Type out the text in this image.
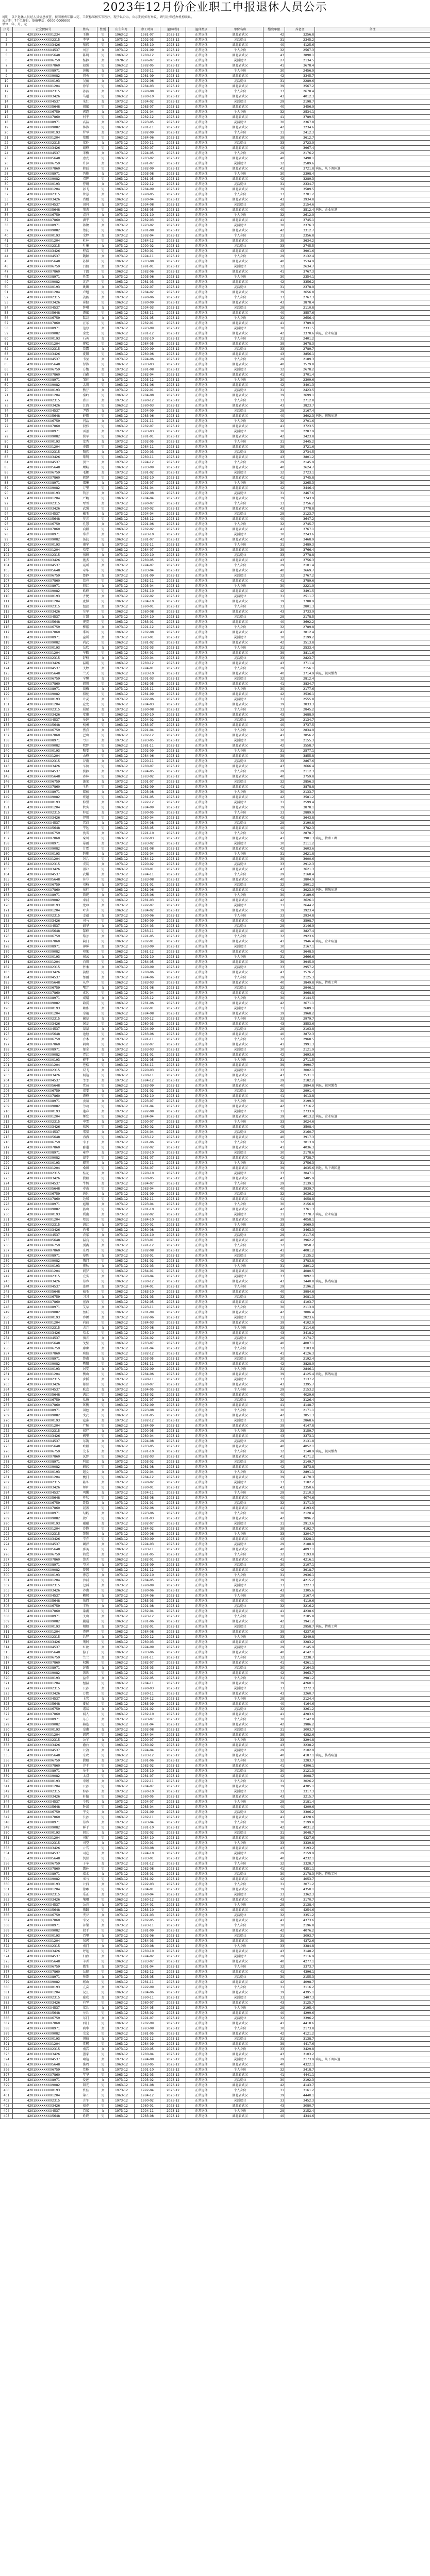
2023年12月份企业职工申报退休人员公示
说明：以下退休人员经人员信息核查、视同缴费年限认定、工资标准核实等程序，现予以公示。公示期间如有异议，请与社保经办机构联系。
公示期：7个工作日。举报电话：0000-0000000
单位：年、月、元
序号	社会保障号	姓名	性别	出生年月	参工时间	退休时间	退休类别	单位名称	缴费年限	养老金	备注
1	4201XXXXXXXX1234	王俊	男	1963-12	1981-07	2023-12	正常退休	湖北省武汉	42	3256.8	
2	4201XXXXXXXX2315	李华	女	1973-12	1992-03	2023-12	正常退休	灵活就业	31	2345.2	
3	4201XXXXXXXX3426	张伟	男	1963-12	1983-10	2023-12	正常退休	湖北省武汉	40	4125.6	
4	4201XXXXXXXX4537	刘芳	女	1973-12	1991-09	2023-12	正常退休	个人身份	32	2567.3	
5	4201XXXXXXXX5648	陈明	男	1963-12	1980-12	2023-12	正常退休	湖北省武汉	43	3890.1	
6	4201XXXXXXXX6759	杨静	女	1978-12	1996-07	2023-12	正常退休	灵活就业	27	2134.5	
7	4201XXXXXXXX7860	赵强	男	1963-12	1982-05	2023-12	正常退休	湖北省武汉	41	3678.4	
8	4201XXXXXXXX8971	黄敏	女	1973-12	1993-11	2023-12	正常退休	个人身份	30	2456.9	
9	4201XXXXXXXX9082	周勇	男	1963-12	1981-09	2023-12	正常退休	湖北省武汉	42	3345.7	
10	4201XXXXXXXX0193	吴丽	女	1973-12	1992-06	2023-12	正常退休	灵活就业	31	2289.6	
11	4201XXXXXXXX1204	徐军	男	1963-12	1984-03	2023-12	正常退休	湖北省武汉	39	3567.2	
12	4201XXXXXXXX2315	孙燕	女	1973-12	1990-08	2023-12	正常退休	个人身份	33	2678.4	
13	4201XXXXXXXX3426	马超	男	1963-12	1980-10	2023-12	正常退休	湖北省武汉	43	4012.3	
14	4201XXXXXXXX4537	朱红	女	1973-12	1994-02	2023-12	正常退休	灵活就业	29	2198.7	
15	4201XXXXXXXX5648	胡斌	男	1963-12	1983-07	2023-12	正常退休	湖北省武汉	40	3456.9	
16	4201XXXXXXXX6759	郭霞	女	1973-12	1991-04	2023-12	正常退休	个人身份	32	2534.1	
17	4201XXXXXXXX7860	何平	男	1963-12	1982-12	2023-12	正常退休	湖北省武汉	41	3789.5	
18	4201XXXXXXXX8971	高洁	女	1973-12	1993-05	2023-12	正常退休	灵活就业	30	2367.8	
19	4201XXXXXXXX9082	林涛	男	1963-12	1981-11	2023-12	正常退休	湖北省武汉	42	3234.6	
20	4201XXXXXXXX0193	罗琴	女	1973-12	1992-09	2023-12	正常退休	个人身份	31	2412.3	
21	4201XXXXXXXX1204	郑刚	男	1963-12	1984-06	2023-12	正常退休	湖北省武汉	39	3612.7	
22	4201XXXXXXXX2315	梁玲	女	1973-12	1990-11	2023-12	正常退休	灵活就业	33	2723.9	
23	4201XXXXXXXX3426	谢峰	男	1963-12	1980-07	2023-12	正常退休	湖北省武汉	43	3967.4	
24	4201XXXXXXXX4537	宋梅	女	1973-12	1994-05	2023-12	正常退休	个人身份	29	2176.2	
25	4201XXXXXXXX5648	唐亮	男	1963-12	1983-02	2023-12	正常退休	湖北省武汉	40	3498.1	
26	4201XXXXXXXX6759	许萍	女	1973-12	1991-07	2023-12	正常退休	灵活就业	32	2589.6	
27	4201XXXXXXXX7860	韩磊	男	1963-12	1982-09	2023-12	正常退休	湖北省武汉	41	3721.8	病退、从下调国退
28	4201XXXXXXXX8971	冯艳	女	1973-12	1993-08	2023-12	正常退休	个人身份	30	2398.4	
29	4201XXXXXXXX9082	邓辉	男	1963-12	1981-05	2023-12	正常退休	湖北省武汉	42	3289.3	
30	4201XXXXXXXX0193	曹娟	女	1973-12	1992-12	2023-12	正常退休	灵活就业	31	2334.7	
31	4201XXXXXXXX1204	彭飞	男	1963-12	1984-09	2023-12	正常退休	湖北省武汉	39	3589.5	
32	4201XXXXXXXX2315	曾慧	女	1973-12	1990-05	2023-12	正常退休	个人身份	33	2701.2	
33	4201XXXXXXXX3426	肖鹏	男	1963-12	1980-04	2023-12	正常退休	湖北省武汉	43	3934.8	
34	4201XXXXXXXX4537	田莉	女	1973-12	1994-08	2023-12	正常退休	灵活就业	29	2154.6	
35	4201XXXXXXXX5648	董杰	男	1963-12	1983-05	2023-12	正常退休	湖北省武汉	40	3512.4	病退、企业病退
36	4201XXXXXXXX6759	袁丹	女	1973-12	1991-10	2023-12	正常退休	个人身份	32	2612.9	
37	4201XXXXXXXX7860	潘宇	男	1963-12	1982-03	2023-12	正常退休	湖北省武汉	41	3745.1	
38	4201XXXXXXXX8971	蒋敏	女	1973-12	1993-02	2023-12	正常退休	灵活就业	30	2376.3	
39	4201XXXXXXXX9082	蔡波	男	1963-12	1981-08	2023-12	正常退休	湖北省武汉	42	3312.7	
40	4201XXXXXXXX0193	余婷	女	1973-12	1992-04	2023-12	正常退休	个人身份	31	2356.8	
41	4201XXXXXXXX1204	杜林	男	1963-12	1984-12	2023-12	正常退休	湖北省武汉	39	3634.2	
42	4201XXXXXXXX2315	叶琳	女	1973-12	1990-02	2023-12	正常退休	灵活就业	33	2745.5	
43	4201XXXXXXXX3426	程浩	男	1963-12	1980-01	2023-12	正常退休	湖北省武汉	43	3901.6	
44	4201XXXXXXXX4537	魏颖	女	1973-12	1994-11	2023-12	正常退休	个人身份	29	2132.4	
45	4201XXXXXXXX5648	苏博	男	1963-12	1983-08	2023-12	正常退休	湖北省武汉	40	3534.9	
46	4201XXXXXXXX6759	吕倩	女	1973-12	1991-01	2023-12	正常退休	灵活就业	32	2634.7	
47	4201XXXXXXXX7860	丁凯	男	1963-12	1982-06	2023-12	正常退休	湖北省武汉	41	3767.3	
48	4201XXXXXXXX8971	任雪	女	1973-12	1993-06	2023-12	正常退休	个人身份	30	2354.1	
49	4201XXXXXXXX9082	沈洋	男	1963-12	1981-03	2023-12	正常退休	湖北省武汉	42	3356.2	
50	4201XXXXXXXX0193	姚璐	女	1973-12	1992-07	2023-12	正常退休	灵活就业	31	2378.9	
51	4201XXXXXXXX1204	卢旭	男	1963-12	1984-02	2023-12	正常退休	湖北省武汉	39	3656.8	
52	4201XXXXXXXX2315	姜薇	女	1973-12	1990-06	2023-12	正常退休	个人身份	33	2767.3	
53	4201XXXXXXXX3426	崔健	男	1963-12	1980-09	2023-12	正常退休	湖北省武汉	43	3878.4	
54	4201XXXXXXXX4537	钟琪	女	1973-12	1994-03	2023-12	正常退休	灵活就业	29	2110.8	
55	4201XXXXXXXX5648	谭斌	男	1963-12	1983-11	2023-12	正常退休	湖北省武汉	40	3557.6	
56	4201XXXXXXXX6759	陆芸	女	1973-12	1991-05	2023-12	正常退休	个人身份	32	2656.4	
57	4201XXXXXXXX7860	汪东	男	1963-12	1982-01	2023-12	正常退休	湖北省武汉	41	3789.9	
58	4201XXXXXXXX8971	范蓉	女	1973-12	1993-09	2023-12	正常退休	灵活就业	30	2331.5	
59	4201XXXXXXXX9082	金龙	男	1963-12	1981-12	2023-12	正常退休	湖北省武汉	42	3378.6	病退、企业病退
60	4201XXXXXXXX0193	石英	女	1973-12	1992-10	2023-12	正常退休	个人身份	31	2401.2	
61	4201XXXXXXXX1204	廖松	男	1963-12	1984-05	2023-12	正常退休	湖北省武汉	39	3678.3	
62	4201XXXXXXXX2315	贾露	女	1973-12	1990-09	2023-12	正常退休	灵活就业	33	2789.7	
63	4201XXXXXXXX3426	夏阳	男	1963-12	1980-06	2023-12	正常退休	湖北省武汉	43	3856.1	
64	4201XXXXXXXX4537	韦莹	女	1973-12	1994-06	2023-12	正常退休	个人身份	29	2189.3	
65	4201XXXXXXXX5648	付涛	男	1963-12	1983-03	2023-12	正常退休	湖北省武汉	40	3579.8	
66	4201XXXXXXXX6759	方怡	女	1973-12	1991-08	2023-12	正常退休	灵活就业	32	2678.2	
67	4201XXXXXXXX7860	白鑫	男	1963-12	1982-04	2023-12	正常退休	湖北省武汉	41	3701.4	
68	4201XXXXXXXX8971	邹佳	女	1973-12	1993-12	2023-12	正常退休	个人身份	30	2309.6	
69	4201XXXXXXXX9082	孟川	男	1963-12	1981-06	2023-12	正常退休	湖北省武汉	42	3401.3	
70	4201XXXXXXXX0193	熊芬	女	1973-12	1992-01	2023-12	正常退休	灵活就业	31	2423.5	
71	4201XXXXXXXX1204	秦岭	男	1963-12	1984-08	2023-12	正常退休	湖北省武汉	39	3699.1	
72	4201XXXXXXXX2315	邱月	女	1973-12	1990-12	2023-12	正常退休	个人身份	33	2712.8	
73	4201XXXXXXXX3426	江海	男	1963-12	1980-03	2023-12	正常退休	湖北省武汉	43	3823.7	
74	4201XXXXXXXX4537	尹霞	女	1973-12	1994-09	2023-12	正常退休	灵活就业	29	2167.4	
75	4201XXXXXXXX5648	薛刚	男	1963-12	1983-06	2023-12	正常退休	湖北省武汉	40	3602.3	病退、伤残病退
76	4201XXXXXXXX6759	闫晶	女	1973-12	1991-11	2023-12	正常退休	个人身份	32	2701.6	
77	4201XXXXXXXX7860	段伟	男	1963-12	1982-07	2023-12	正常退休	湖北省武汉	41	3723.5	
78	4201XXXXXXXX8971	雷蕾	女	1973-12	1993-03	2023-12	正常退休	灵活就业	30	2287.9	
79	4201XXXXXXXX9082	侯军	男	1963-12	1981-01	2023-12	正常退休	湖北省武汉	42	3423.8	
80	4201XXXXXXXX0193	龙秀	女	1973-12	1992-05	2023-12	正常退休	个人身份	31	2445.2	
81	4201XXXXXXXX1204	史凯	男	1963-12	1984-11	2023-12	正常退休	湖北省武汉	39	3721.6	
82	4201XXXXXXXX2315	陶然	女	1973-12	1990-03	2023-12	正常退休	灵活就业	33	2734.5	
83	4201XXXXXXXX3426	黎明	男	1963-12	1980-11	2023-12	正常退休	湖北省武汉	43	3801.2	
84	4201XXXXXXXX4537	贺兰	女	1973-12	1994-12	2023-12	正常退休	个人身份	29	2145.9	
85	4201XXXXXXXX5648	顾城	男	1963-12	1983-09	2023-12	正常退休	湖北省武汉	40	3624.7	
86	4201XXXXXXXX6759	毛娜	女	1973-12	1991-02	2023-12	正常退休	灵活就业	32	2723.1	
87	4201XXXXXXXX7860	郝建	男	1963-12	1982-10	2023-12	正常退休	湖北省武汉	41	3745.8	
88	4201XXXXXXXX8971	邵琳	女	1973-12	1993-07	2023-12	正常退休	个人身份	30	2265.3	
89	4201XXXXXXXX9082	万里	男	1963-12	1981-04	2023-12	正常退休	湖北省武汉	42	3446.4	
90	4201XXXXXXXX0193	钱芳	女	1973-12	1992-08	2023-12	正常退休	灵活就业	31	2467.6	
91	4201XXXXXXXX1204	严峻	男	1963-12	1984-04	2023-12	正常退休	湖北省武汉	39	3743.9	
92	4201XXXXXXXX2315	覃雪	女	1973-12	1990-07	2023-12	正常退休	个人身份	33	2756.2	
93	4201XXXXXXXX3426	武强	男	1963-12	1980-02	2023-12	正常退休	湖北省武汉	43	3778.8	
94	4201XXXXXXXX4537	戴玉	女	1973-12	1994-04	2023-12	正常退休	灵活就业	29	2123.7	
95	4201XXXXXXXX5648	莫言	男	1963-12	1983-12	2023-12	正常退休	湖北省武汉	40	3647.2	
96	4201XXXXXXXX6759	孔慧	女	1973-12	1991-06	2023-12	正常退休	个人身份	32	2745.7	
97	4201XXXXXXXX7860	向阳	男	1963-12	1982-02	2023-12	正常退休	湖北省武汉	41	3767.1	
98	4201XXXXXXXX8971	常青	女	1973-12	1993-10	2023-12	正常退休	灵活就业	30	2243.6	
99	4201XXXXXXXX9082	汤波	男	1963-12	1981-07	2023-12	正常退休	湖北省武汉	42	3468.9	
100	4201XXXXXXXX0193	康宁	女	1973-12	1992-11	2023-12	正常退休	个人身份	31	2489.3	
101	4201XXXXXXXX1204	易安	男	1963-12	1984-07	2023-12	正常退休	湖北省武汉	39	3766.4	
102	4201XXXXXXXX2315	伍琼	女	1973-12	1990-10	2023-12	正常退休	灵活就业	33	2778.8	
103	4201XXXXXXXX3426	施杰	男	1963-12	1980-05	2023-12	正常退休	湖北省武汉	43	3756.3	
104	4201XXXXXXXX4537	聂瑶	女	1973-12	1994-07	2023-12	正常退休	个人身份	29	2101.4	
105	4201XXXXXXXX5648	章华	男	1963-12	1983-04	2023-12	正常退休	湖北省武汉	40	3669.7	
106	4201XXXXXXXX6759	鲁静	女	1973-12	1991-09	2023-12	正常退休	灵活就业	32	2767.2	
107	4201XXXXXXXX7860	葛亮	男	1963-12	1982-11	2023-12	正常退休	湖北省武汉	41	3789.6	
108	4201XXXXXXXX8971	殷红	女	1973-12	1993-04	2023-12	正常退休	个人身份	30	2221.9	
109	4201XXXXXXXX9082	欧峰	男	1963-12	1981-10	2023-12	正常退休	湖北省武汉	42	3491.5	
110	4201XXXXXXXX0193	齐悦	女	1973-12	1992-02	2023-12	正常退休	灵活就业	31	2511.7	
111	4201XXXXXXXX1204	庞博	男	1963-12	1984-10	2023-12	正常退休	湖北省武汉	39	3788.9	
112	4201XXXXXXXX2315	包蕊	女	1973-12	1990-01	2023-12	正常退休	个人身份	33	2801.3	
113	4201XXXXXXXX3426	左军	男	1963-12	1980-08	2023-12	正常退休	湖北省武汉	43	3733.9	
114	4201XXXXXXXX4537	甘甜	女	1973-12	1994-10	2023-12	正常退休	灵活就业	29	2178.5	
115	4201XXXXXXXX5648	祝贺	男	1963-12	1983-01	2023-12	正常退休	湖北省武汉	40	3692.2	
116	4201XXXXXXXX6759	柳絮	女	1973-12	1991-12	2023-12	正常退休	个人身份	32	2789.8	
117	4201XXXXXXXX7860	季风	男	1963-12	1982-08	2023-12	正常退休	湖北省武汉	41	3812.4	
118	4201XXXXXXXX8971	童谣	女	1973-12	1993-01	2023-12	正常退休	灵活就业	30	2199.2	
119	4201XXXXXXXX9082	尚武	男	1963-12	1981-02	2023-12	正常退休	湖北省武汉	42	3513.8	
120	4201XXXXXXXX0193	岳欣	女	1973-12	1992-03	2023-12	正常退休	个人身份	31	2533.4	
121	4201XXXXXXXX1204	车辙	男	1963-12	1984-01	2023-12	正常退休	湖北省武汉	39	3811.6	
122	4201XXXXXXXX2315	舒畅	女	1973-12	1990-04	2023-12	正常退休	灵活就业	33	2823.7	
123	4201XXXXXXXX3426	温暖	男	1963-12	1980-12	2023-12	正常退休	湖北省武汉	43	3711.4	
124	4201XXXXXXXX4537	关婷	女	1973-12	1994-01	2023-12	正常退休	个人身份	29	2156.1	
125	4201XXXXXXXX5648	兰天	男	1963-12	1983-10	2023-12	正常退休	湖北省武汉	40	3714.9	病退、视同缴费
126	4201XXXXXXXX6759	宁馨	女	1973-12	1991-03	2023-12	正常退休	灵活就业	32	2812.4	
127	4201XXXXXXXX7860	阎川	男	1963-12	1982-05	2023-12	正常退休	湖北省武汉	41	3834.7	
128	4201XXXXXXXX8971	翁梅	女	1973-12	1993-11	2023-12	正常退休	个人身份	30	2177.6	
129	4201XXXXXXXX9082	骆驼	男	1963-12	1981-09	2023-12	正常退休	湖北省武汉	42	3536.1	
130	4201XXXXXXXX0193	计灵	女	1973-12	1992-06	2023-12	正常退休	灵活就业	31	2555.8	
131	4201XXXXXXXX1204	应龙	男	1963-12	1984-03	2023-12	正常退休	湖北省武汉	39	3833.3	
132	4201XXXXXXXX2315	屈原	女	1973-12	1990-08	2023-12	正常退休	个人身份	33	2845.2	
133	4201XXXXXXXX3426	安康	男	1963-12	1980-10	2023-12	正常退休	湖北省武汉	43	3688.9	
134	4201XXXXXXXX4537	单纯	女	1973-12	1994-02	2023-12	正常退休	灵活就业	29	2134.7	
135	4201XXXXXXXX5648	杭州	男	1963-12	1983-07	2023-12	正常退休	湖北省武汉	40	3737.5	
136	4201XXXXXXXX6759	焦点	女	1973-12	1991-04	2023-12	正常退休	个人身份	32	2834.9	
137	4201XXXXXXXX7860	巴山	男	1963-12	1982-12	2023-12	正常退休	湖北省武汉	41	3856.2	
138	4201XXXXXXXX8971	弓月	女	1973-12	1993-05	2023-12	正常退休	灵活就业	30	2155.3	
139	4201XXXXXXXX9082	牧野	男	1963-12	1981-11	2023-12	正常退休	湖北省武汉	42	3558.7	
140	4201XXXXXXXX0193	隗雯	女	1973-12	1992-09	2023-12	正常退休	个人身份	31	2577.1	
141	4201XXXXXXXX1204	山峰	男	1963-12	1984-06	2023-12	正常退休	湖北省武汉	39	3855.8	
142	4201XXXXXXXX2315	谷雨	女	1973-12	1990-11	2023-12	正常退休	灵活就业	33	2867.6	
143	4201XXXXXXXX3426	车骑	男	1963-12	1980-07	2023-12	正常退休	湖北省武汉	43	3666.4	
144	4201XXXXXXXX4537	侯静	女	1973-12	1994-05	2023-12	正常退休	个人身份	29	2112.3	
145	4201XXXXXXXX5648	宓林	男	1963-12	1983-02	2023-12	正常退休	湖北省武汉	40	3759.8	
146	4201XXXXXXXX6759	蓬莱	女	1973-12	1991-07	2023-12	正常退休	灵活就业	32	2856.3	
147	4201XXXXXXXX7860	全胜	男	1963-12	1982-09	2023-12	正常退休	湖北省武汉	41	3878.8	
148	4201XXXXXXXX8971	郗蓓	女	1973-12	1993-08	2023-12	正常退休	个人身份	30	2133.7	
149	4201XXXXXXXX9082	班超	男	1963-12	1981-05	2023-12	正常退休	湖北省武汉	42	3581.2	
150	4201XXXXXXXX0193	仰望	女	1973-12	1992-12	2023-12	正常退休	灵活就业	31	2599.4	
151	4201XXXXXXXX1204	秋实	男	1963-12	1984-09	2023-12	正常退休	湖北省武汉	39	3878.1	
152	4201XXXXXXXX2315	仲夏	女	1973-12	1990-05	2023-12	正常退休	个人身份	33	2889.9	
153	4201XXXXXXXX3426	伊川	男	1963-12	1980-04	2023-12	正常退休	湖北省武汉	43	3643.8	
154	4201XXXXXXXX4537	宫商	女	1973-12	1994-08	2023-12	正常退休	灵活就业	29	2190.8	
155	4201XXXXXXXX5648	宁远	男	1963-12	1983-05	2023-12	正常退休	湖北省武汉	40	3782.3	
156	4201XXXXXXXX6759	仇雪	女	1973-12	1991-10	2023-12	正常退休	个人身份	32	2878.7	
157	4201XXXXXXXX7860	栾川	男	1963-12	1982-03	2023-12	正常退休	湖北省武汉	41	3901.3	病退、特殊工种
158	4201XXXXXXXX8971	暴雨	女	1973-12	1993-02	2023-12	正常退休	灵活就业	30	2111.2	
159	4201XXXXXXXX9082	甘霖	男	1963-12	1981-08	2023-12	正常退休	湖北省武汉	42	3603.6	
160	4201XXXXXXXX0193	钭雅	女	1973-12	1992-04	2023-12	正常退休	个人身份	31	2621.8	
161	4201XXXXXXXX1204	厉兵	男	1963-12	1984-12	2023-12	正常退休	湖北省武汉	39	3900.6	
162	4201XXXXXXXX2315	戎装	女	1973-12	1990-02	2023-12	正常退休	灵活就业	33	2912.3	
163	4201XXXXXXXX3426	祖冲	男	1963-12	1980-01	2023-12	正常退休	湖北省武汉	43	3621.3	
164	4201XXXXXXXX4537	武媚	女	1973-12	1994-11	2023-12	正常退休	个人身份	29	2168.4	
165	4201XXXXXXXX5648	符号	男	1963-12	1983-08	2023-12	正常退休	湖北省武汉	40	3804.9	
166	4201XXXXXXXX6759	刘畅	女	1973-12	1991-01	2023-12	正常退休	灵活就业	32	2901.2	
167	4201XXXXXXXX7860	景行	男	1963-12	1982-06	2023-12	正常退休	湖北省武汉	41	3923.9	病退、伤残病退
168	4201XXXXXXXX8971	詹妮	女	1973-12	1993-06	2023-12	正常退休	个人身份	30	2189.6	
169	4201XXXXXXXX9082	束河	男	1963-12	1981-03	2023-12	正常退休	湖北省武汉	42	3626.1	
170	4201XXXXXXXX0193	龙吟	女	1973-12	1992-07	2023-12	正常退休	灵活就业	31	2644.2	
171	4201XXXXXXXX1204	叶舟	男	1963-12	1984-02	2023-12	正常退休	湖北省武汉	39	3923.4	
172	4201XXXXXXXX2315	幸福	女	1973-12	1990-06	2023-12	正常退休	个人身份	33	2934.8	
173	4201XXXXXXXX3426	司马	男	1963-12	1980-09	2023-12	正常退休	湖北省武汉	43	3598.7	
174	4201XXXXXXXX4537	韶华	女	1973-12	1994-03	2023-12	正常退休	灵活就业	29	2146.9	
175	4201XXXXXXXX5648	郜峰	男	1963-12	1983-11	2023-12	正常退休	湖北省武汉	40	3827.4	
176	4201XXXXXXXX6759	黎芳	女	1973-12	1991-05	2023-12	正常退休	个人身份	32	2923.6	
177	4201XXXXXXXX7860	蓟门	男	1963-12	1982-01	2023-12	正常退休	湖北省武汉	41	3946.4	病退、企业病退
178	4201XXXXXXXX8971	薄雾	女	1973-12	1993-09	2023-12	正常退休	灵活就业	30	2167.1	
179	4201XXXXXXXX9082	印象	男	1963-12	1981-12	2023-12	正常退休	湖北省武汉	42	3648.5	
180	4201XXXXXXXX0193	宿云	女	1973-12	1992-10	2023-12	正常退休	个人身份	31	2666.6	
181	4201XXXXXXXX1204	白川	男	1963-12	1984-05	2023-12	正常退休	湖北省武汉	39	3945.9	
182	4201XXXXXXXX2315	怀柔	女	1973-12	1990-09	2023-12	正常退休	灵活就业	33	2957.2	
183	4201XXXXXXXX3426	蒲松	男	1963-12	1980-06	2023-12	正常退休	湖北省武汉	43	3576.2	
184	4201XXXXXXXX4537	邰丽	女	1973-12	1994-06	2023-12	正常退休	个人身份	29	2125.3	
185	4201XXXXXXXX5648	从容	男	1963-12	1983-03	2023-12	正常退休	湖北省武汉	40	3849.8	病退、特殊工种
186	4201XXXXXXXX6759	鄂芳	女	1973-12	1991-08	2023-12	正常退休	灵活就业	32	2946.1	
187	4201XXXXXXXX7860	索远	男	1963-12	1982-04	2023-12	正常退休	湖北省武汉	41	3968.8	
188	4201XXXXXXXX8971	咸晴	女	1973-12	1993-12	2023-12	正常退休	个人身份	30	2144.5	
189	4201XXXXXXXX9082	籍贯	男	1963-12	1981-06	2023-12	正常退休	湖北省武汉	42	3671.1	
190	4201XXXXXXXX0193	赖雅	女	1973-12	1992-01	2023-12	正常退休	灵活就业	31	2689.1	
191	4201XXXXXXXX1204	卓越	男	1963-12	1984-08	2023-12	正常退休	湖北省武汉	39	3968.2	
192	4201XXXXXXXX2315	蔺草	女	1973-12	1990-12	2023-12	正常退休	个人身份	33	2979.7	
193	4201XXXXXXXX3426	屠龙	男	1963-12	1980-03	2023-12	正常退休	湖北省武汉	43	3553.6	
194	4201XXXXXXXX4537	蒙蒙	女	1973-12	1994-09	2023-12	正常退休	灵活就业	29	2103.8	
195	4201XXXXXXXX5648	池塘	男	1963-12	1983-06	2023-12	正常退休	湖北省武汉	40	3872.3	
196	4201XXXXXXXX6759	乔木	女	1973-12	1991-11	2023-12	正常退休	个人身份	32	2968.5	
197	4201XXXXXXXX7860	阴山	男	1963-12	1982-07	2023-12	正常退休	湖北省武汉	41	3991.3	
198	4201XXXXXXXX8971	郁金	女	1973-12	1993-03	2023-12	正常退休	灵活就业	30	2121.9	
199	4201XXXXXXXX9082	胥江	男	1963-12	1981-01	2023-12	正常退休	湖北省武汉	42	3693.6	
200	4201XXXXXXXX0193	能干	女	1973-12	1992-05	2023-12	正常退休	个人身份	31	2711.5	
201	4201XXXXXXXX1204	苍松	男	1963-12	1984-11	2023-12	正常退休	湖北省武汉	39	3990.7	
202	4201XXXXXXXX2315	双飞	女	1973-12	1990-03	2023-12	正常退休	灵活就业	33	3002.1	
203	4201XXXXXXXX3426	闻达	男	1963-12	1980-11	2023-12	正常退休	湖北省武汉	43	3531.1	
204	4201XXXXXXXX4537	莘莘	女	1973-12	1994-12	2023-12	正常退休	个人身份	29	2182.2	
205	4201XXXXXXXX5648	党员	男	1963-12	1983-09	2023-12	正常退休	湖北省武汉	40	3894.8	病退、视同缴费
206	4201XXXXXXXX6759	翟雯	女	1973-12	1991-02	2023-12	正常退休	灵活就业	32	2991.4	
207	4201XXXXXXXX7860	谭峰	男	1963-12	1982-10	2023-12	正常退休	湖北省武汉	41	4013.8	
208	4201XXXXXXXX8971	贡菊	女	1973-12	1993-07	2023-12	正常退休	个人身份	30	2199.3	
209	4201XXXXXXXX9082	劳动	男	1963-12	1981-04	2023-12	正常退休	湖北省武汉	42	3716.2	
210	4201XXXXXXXX0193	逄春	女	1973-12	1992-08	2023-12	正常退休	灵活就业	31	2733.9	
211	4201XXXXXXXX1204	姬发	男	1963-12	1984-04	2023-12	正常退休	湖北省武汉	39	4013.2	病退、企业病退
212	4201XXXXXXXX2315	申雪	女	1973-12	1990-07	2023-12	正常退休	个人身份	33	3024.6	
213	4201XXXXXXXX3426	扶风	男	1963-12	1980-02	2023-12	正常退休	湖北省武汉	43	3508.4	
214	4201XXXXXXXX4537	堵塞	女	1973-12	1994-04	2023-12	正常退休	灵活就业	29	2160.7	
215	4201XXXXXXXX5648	冉冉	男	1963-12	1983-12	2023-12	正常退休	湖北省武汉	40	3917.3	
216	4201XXXXXXXX6759	宰予	女	1973-12	1991-06	2023-12	正常退休	个人身份	32	3013.9	
217	4201XXXXXXXX7860	郦道	男	1963-12	1982-02	2023-12	正常退休	湖北省武汉	41	4036.3	
218	4201XXXXXXXX8971	雍容	女	1973-12	1993-10	2023-12	正常退休	灵活就业	30	2178.6	
219	4201XXXXXXXX9082	却步	男	1963-12	1981-07	2023-12	正常退休	湖北省武汉	42	3738.7	
220	4201XXXXXXXX0193	璩美	女	1973-12	1992-11	2023-12	正常退休	个人身份	31	2756.3	
221	4201XXXXXXXX1204	桑田	男	1963-12	1984-07	2023-12	正常退休	湖北省武汉	39	4035.6	病退、从下调国退
222	4201XXXXXXXX2315	桂花	女	1973-12	1990-10	2023-12	正常退休	灵活就业	33	3047.1	
223	4201XXXXXXXX3426	濮阳	男	1963-12	1980-05	2023-12	正常退休	湖北省武汉	43	3485.9	
224	4201XXXXXXXX4537	牛奶	女	1973-12	1994-07	2023-12	正常退休	个人身份	29	2139.1	
225	4201XXXXXXXX5648	寿山	男	1963-12	1983-04	2023-12	正常退休	湖北省武汉	40	3939.7	
226	4201XXXXXXXX6759	通达	女	1973-12	1991-09	2023-12	正常退休	灵活就业	32	3036.2	
227	4201XXXXXXXX7860	边城	男	1963-12	1982-11	2023-12	正常退休	湖北省武汉	41	4058.8	
228	4201XXXXXXXX8971	扈娘	女	1973-12	1993-04	2023-12	正常退休	个人身份	30	2156.8	
229	4201XXXXXXXX9082	燕山	男	1963-12	1981-10	2023-12	正常退休	湖北省武汉	42	3761.3	
230	4201XXXXXXXX0193	冀南	女	1973-12	1992-02	2023-12	正常退休	灵活就业	31	2778.7	病退、企业病退
231	4201XXXXXXXX1204	郏县	男	1963-12	1984-10	2023-12	正常退休	湖北省武汉	39	4058.1	
232	4201XXXXXXXX2315	浦江	女	1973-12	1990-01	2023-12	正常退休	个人身份	33	3069.5	
233	4201XXXXXXXX3426	尚书	男	1963-12	1980-08	2023-12	正常退休	湖北省武汉	43	3463.3	
234	4201XXXXXXXX4537	农家	女	1973-12	1994-10	2023-12	正常退休	灵活就业	29	2117.6	
235	4201XXXXXXXX5648	温良	男	1963-12	1983-01	2023-12	正常退休	湖北省武汉	40	3962.2	
236	4201XXXXXXXX6759	别离	女	1973-12	1991-12	2023-12	正常退休	个人身份	32	3058.7	
237	4201XXXXXXXX7860	庄周	男	1963-12	1982-08	2023-12	正常退休	湖北省武汉	41	4081.2	
238	4201XXXXXXXX8971	晏殊	女	1973-12	1993-01	2023-12	正常退休	灵活就业	30	2135.2	
239	4201XXXXXXXX9082	柴门	男	1963-12	1981-02	2023-12	正常退休	湖北省武汉	42	3783.8	
240	4201XXXXXXXX0193	瞿秋	女	1973-12	1992-03	2023-12	正常退休	个人身份	31	2801.2	
241	4201XXXXXXXX1204	阎罗	男	1963-12	1984-01	2023-12	正常退休	湖北省武汉	39	4080.5	
242	4201XXXXXXXX2315	充实	女	1973-12	1990-04	2023-12	正常退休	灵活就业	33	3092.1	
243	4201XXXXXXXX3426	慕容	男	1963-12	1980-12	2023-12	正常退休	湖北省武汉	43	3440.8	病退、伤残病退
244	4201XXXXXXXX4537	连理	女	1973-12	1994-01	2023-12	正常退休	个人身份	29	2196.2	
245	4201XXXXXXXX5648	茹毛	男	1963-12	1983-10	2023-12	正常退休	湖北省武汉	40	3984.6	
246	4201XXXXXXXX6759	习习	女	1973-12	1991-03	2023-12	正常退休	灵活就业	32	3081.3	
247	4201XXXXXXXX7860	宦海	男	1963-12	1982-05	2023-12	正常退休	湖北省武汉	41	4103.7	
248	4201XXXXXXXX8971	艾草	女	1973-12	1993-11	2023-12	正常退休	个人身份	30	2113.9	
249	4201XXXXXXXX9082	鱼跃	男	1963-12	1981-09	2023-12	正常退休	湖北省武汉	42	3806.4	
250	4201XXXXXXXX0193	容颜	女	1973-12	1992-06	2023-12	正常退休	灵活就业	31	2823.6	
251	4201XXXXXXXX1204	向前	男	1963-12	1984-03	2023-12	正常退休	湖北省武汉	39	4102.9	
252	4201XXXXXXXX2315	古月	女	1973-12	1990-08	2023-12	正常退休	个人身份	33	3114.6	
253	4201XXXXXXXX3426	易水	男	1963-12	1980-10	2023-12	正常退休	湖北省武汉	43	3418.2	
254	4201XXXXXXXX4537	慎言	女	1973-12	1994-02	2023-12	正常退休	灵活就业	29	2174.7	
255	4201XXXXXXXX5648	戈壁	男	1963-12	1983-07	2023-12	正常退休	湖北省武汉	40	4007.1	
256	4201XXXXXXXX6759	廖廓	女	1973-12	1991-04	2023-12	正常退休	个人身份	32	3103.8	
257	4201XXXXXXXX7860	庾信	男	1963-12	1982-12	2023-12	正常退休	湖北省武汉	41	4126.3	
258	4201XXXXXXXX8971	终南	女	1973-12	1993-05	2023-12	正常退休	灵活就业	30	2192.4	
259	4201XXXXXXXX9082	暨阳	男	1963-12	1981-11	2023-12	正常退休	湖北省武汉	42	3828.9	
260	4201XXXXXXXX0193	居安	女	1973-12	1992-09	2023-12	正常退休	个人身份	31	2846.1	
261	4201XXXXXXXX1204	衡山	男	1963-12	1984-06	2023-12	正常退休	湖北省武汉	39	4125.4	病退、伤残病退
262	4201XXXXXXXX2315	步摇	女	1973-12	1990-11	2023-12	正常退休	灵活就业	33	3137.2	
263	4201XXXXXXXX3426	都督	男	1963-12	1980-07	2023-12	正常退休	湖北省武汉	43	3395.7	
264	4201XXXXXXXX4537	耿直	女	1973-12	1994-05	2023-12	正常退休	个人身份	29	2153.2	
265	4201XXXXXXXX5648	满江	男	1963-12	1983-02	2023-12	正常退休	湖北省武汉	40	4029.6	
266	4201XXXXXXXX6759	弘扬	女	1973-12	1991-07	2023-12	正常退休	灵活就业	32	3126.4	
267	4201XXXXXXXX7860	匡衡	男	1963-12	1982-09	2023-12	正常退休	湖北省武汉	41	4148.7	
268	4201XXXXXXXX8971	国色	女	1973-12	1993-08	2023-12	正常退休	个人身份	30	2171.1	
269	4201XXXXXXXX9082	文武	男	1963-12	1981-05	2023-12	正常退休	湖北省武汉	42	3851.3	
270	4201XXXXXXXX0193	寇准	女	1973-12	1992-12	2023-12	正常退休	灵活就业	31	2868.6	
271	4201XXXXXXXX1204	广陵	男	1963-12	1984-09	2023-12	正常退休	湖北省武汉	39	4147.8	
272	4201XXXXXXXX2315	禄存	女	1973-12	1990-05	2023-12	正常退休	个人身份	33	3159.7	
273	4201XXXXXXXX3426	阙里	男	1963-12	1980-04	2023-12	正常退休	湖北省武汉	43	3373.1	
274	4201XXXXXXXX4537	东篱	女	1973-12	1994-08	2023-12	正常退休	灵活就业	29	2131.8	
275	4201XXXXXXXX5648	欧阳	男	1963-12	1983-05	2023-12	正常退休	湖北省武汉	40	4052.1	
276	4201XXXXXXXX6759	殳书	女	1973-12	1991-10	2023-12	正常退休	个人身份	32	3148.9	病退、视同缴费
277	4201XXXXXXXX7860	沃野	男	1963-12	1982-03	2023-12	正常退休	湖北省武汉	41	4171.2	
278	4201XXXXXXXX8971	利落	女	1973-12	1993-02	2023-12	正常退休	灵活就业	30	2149.7	
279	4201XXXXXXXX9082	蔚蓝	男	1963-12	1981-08	2023-12	正常退休	湖北省武汉	42	3873.8	
280	4201XXXXXXXX0193	越女	女	1973-12	1992-04	2023-12	正常退休	个人身份	31	2891.1	
281	4201XXXXXXXX1204	夔门	男	1963-12	1984-12	2023-12	正常退休	湖北省武汉	39	4170.3	
282	4201XXXXXXXX2315	隆冬	女	1973-12	1990-02	2023-12	正常退休	灵活就业	33	3182.2	
283	4201XXXXXXXX3426	师旷	男	1963-12	1980-01	2023-12	正常退休	湖北省武汉	43	3350.6	
284	4201XXXXXXXX4537	巩俐	女	1973-12	1994-11	2023-12	正常退休	个人身份	29	2110.3	
285	4201XXXXXXXX5648	厍狄	男	1963-12	1983-08	2023-12	正常退休	湖北省武汉	40	4074.6	
286	4201XXXXXXXX6759	聂隐	女	1973-12	1991-01	2023-12	正常退休	灵活就业	32	3171.3	
287	4201XXXXXXXX7860	晁盖	男	1963-12	1982-06	2023-12	正常退休	湖北省武汉	41	4193.6	
288	4201XXXXXXXX8971	勾践	女	1973-12	1993-06	2023-12	正常退休	个人身份	30	2128.4	
289	4201XXXXXXXX9082	敖广	男	1963-12	1981-03	2023-12	正常退休	湖北省武汉	42	3896.2	
290	4201XXXXXXXX0193	融融	女	1973-12	1992-07	2023-12	正常退休	灵活就业	31	2913.6	
291	4201XXXXXXXX1204	冷锋	男	1963-12	1984-02	2023-12	正常退休	湖北省武汉	39	4192.7	
292	4201XXXXXXXX2315	訾颖	女	1973-12	1990-06	2023-12	正常退休	个人身份	33	3204.7	
293	4201XXXXXXXX3426	辛弃	男	1963-12	1980-09	2023-12	正常退休	湖北省武汉	43	3328.1	
294	4201XXXXXXXX4537	阚泽	女	1973-12	1994-03	2023-12	正常退休	灵活就业	29	2188.9	
295	4201XXXXXXXX5648	那英	男	1963-12	1983-11	2023-12	正常退休	湖北省武汉	40	4097.1	
296	4201XXXXXXXX6759	简爱	女	1973-12	1991-05	2023-12	正常退休	个人身份	32	3193.8	
297	4201XXXXXXXX7860	饶舌	男	1963-12	1982-01	2023-12	正常退休	湖北省武汉	41	4216.1	
298	4201XXXXXXXX8971	空灵	女	1973-12	1993-09	2023-12	正常退休	灵活就业	30	2107.1	
299	4201XXXXXXXX9082	曾国	男	1963-12	1981-12	2023-12	正常退休	湖北省武汉	42	3918.7	
300	4201XXXXXXXX0193	毋忘	女	1973-12	1992-10	2023-12	正常退休	个人身份	31	2936.1	
301	4201XXXXXXXX1204	沙河	男	1963-12	1984-05	2023-12	正常退休	湖北省武汉	39	4215.2	
302	4201XXXXXXXX2315	乜斜	女	1973-12	1990-09	2023-12	正常退休	灵活就业	33	3227.3	
303	4201XXXXXXXX3426	养由	男	1963-12	1980-06	2023-12	正常退休	湖北省武汉	43	3305.6	
304	4201XXXXXXXX4537	鞠躬	女	1973-12	1994-06	2023-12	正常退休	个人身份	29	2167.4	
305	4201XXXXXXXX5648	须眉	男	1963-12	1983-03	2023-12	正常退休	湖北省武汉	40	4119.6	
306	4201XXXXXXXX6759	丰收	女	1973-12	1991-08	2023-12	正常退休	灵活就业	32	3216.2	
307	4201XXXXXXXX7860	巢湖	男	1963-12	1982-04	2023-12	正常退休	湖北省武汉	41	4238.6	
308	4201XXXXXXXX8971	关山	女	1973-12	1993-12	2023-12	正常退休	个人身份	30	2185.8	
309	4201XXXXXXXX9082	蒯通	男	1963-12	1981-06	2023-12	正常退休	湖北省武汉	42	3941.2	
310	4201XXXXXXXX0193	相如	女	1973-12	1992-01	2023-12	正常退休	灵活就业	31	2958.7	病退、特殊工种
311	4201XXXXXXXX1204	查理	男	1963-12	1984-08	2023-12	正常退休	湖北省武汉	39	4237.6	
312	4201XXXXXXXX2315	后羿	女	1973-12	1990-12	2023-12	正常退休	个人身份	33	3249.8	
313	4201XXXXXXXX3426	荆轲	男	1963-12	1980-03	2023-12	正常退休	湖北省武汉	43	3283.2	
314	4201XXXXXXXX4537	红妆	女	1973-12	1994-09	2023-12	正常退休	灵活就业	29	2145.9	
315	4201XXXXXXXX5648	游子	男	1963-12	1983-06	2023-12	正常退休	湖北省武汉	40	4142.1	
316	4201XXXXXXXX6759	竺兰	女	1973-12	1991-11	2023-12	正常退休	个人身份	32	3238.7	
317	4201XXXXXXXX7860	权衡	男	1963-12	1982-07	2023-12	正常退休	湖北省武汉	41	4261.1	
318	4201XXXXXXXX8971	逯雨	女	1973-12	1993-03	2023-12	正常退休	灵活就业	30	2164.3	
319	4201XXXXXXXX9082	盖世	男	1963-12	1981-01	2023-12	正常退休	湖北省武汉	42	3963.7	
320	4201XXXXXXXX0193	益寿	女	1973-12	1992-05	2023-12	正常退休	个人身份	31	2981.2	
321	4201XXXXXXXX1204	桓温	男	1963-12	1984-11	2023-12	正常退休	湖北省武汉	39	4260.1	
322	4201XXXXXXXX2315	公孙	女	1973-12	1990-03	2023-12	正常退休	灵活就业	33	3272.3	
323	4201XXXXXXXX3426	万俟	男	1963-12	1980-11	2023-12	正常退休	湖北省武汉	43	3260.7	
324	4201XXXXXXXX4537	上官	女	1973-12	1994-12	2023-12	正常退休	个人身份	29	2124.4	
325	4201XXXXXXXX5648	夏侯	男	1963-12	1983-09	2023-12	正常退休	湖北省武汉	40	4164.6	
326	4201XXXXXXXX6759	诸葛	女	1973-12	1991-02	2023-12	正常退休	灵活就业	32	3261.2	
327	4201XXXXXXXX7860	闻人	男	1963-12	1982-10	2023-12	正常退休	湖北省武汉	41	4283.6	
328	4201XXXXXXXX8971	东方	女	1973-12	1993-07	2023-12	正常退休	个人身份	30	2142.8	
329	4201XXXXXXXX9082	赫连	男	1963-12	1981-04	2023-12	正常退休	湖北省武汉	42	3986.2	
330	4201XXXXXXXX0193	皇甫	女	1973-12	1992-08	2023-12	正常退休	灵活就业	31	3003.7	
331	4201XXXXXXXX1204	尉迟	男	1963-12	1984-04	2023-12	正常退休	湖北省武汉	39	4282.6	
332	4201XXXXXXXX2315	公羊	女	1973-12	1990-07	2023-12	正常退休	个人身份	33	3294.8	
333	4201XXXXXXXX3426	澹台	男	1963-12	1980-02	2023-12	正常退休	湖北省武汉	43	3238.2	
334	4201XXXXXXXX4537	公冶	女	1973-12	1994-04	2023-12	正常退休	灵活就业	29	2102.9	
335	4201XXXXXXXX5648	宗政	男	1963-12	1983-12	2023-12	正常退休	湖北省武汉	40	4187.1	病退、伤残病退
336	4201XXXXXXXX6759	濮阳	女	1973-12	1991-06	2023-12	正常退休	个人身份	32	3283.7	
337	4201XXXXXXXX7860	淳于	男	1963-12	1982-02	2023-12	正常退休	湖北省武汉	41	4306.1	
338	4201XXXXXXXX8971	单于	女	1973-12	1993-10	2023-12	正常退休	灵活就业	30	2121.3	
339	4201XXXXXXXX9082	太叔	男	1963-12	1981-07	2023-12	正常退休	湖北省武汉	42	4008.7	
340	4201XXXXXXXX0193	申屠	女	1973-12	1992-11	2023-12	正常退休	个人身份	31	3026.2	
341	4201XXXXXXXX1204	公孙	男	1963-12	1984-07	2023-12	正常退休	湖北省武汉	39	4305.1	
342	4201XXXXXXXX2315	仲孙	女	1973-12	1990-10	2023-12	正常退休	灵活就业	33	3317.3	
343	4201XXXXXXXX3426	轩辕	男	1963-12	1980-05	2023-12	正常退休	湖北省武汉	43	3215.7	
344	4201XXXXXXXX4537	令狐	女	1973-12	1994-07	2023-12	正常退休	个人身份	29	2181.4	
345	4201XXXXXXXX5648	钟离	男	1963-12	1983-04	2023-12	正常退休	湖北省武汉	40	4209.6	
346	4201XXXXXXXX6759	宇文	女	1973-12	1991-09	2023-12	正常退休	灵活就业	32	3306.2	
347	4201XXXXXXXX7860	长孙	男	1963-12	1982-11	2023-12	正常退休	湖北省武汉	41	4328.6	
348	4201XXXXXXXX8971	慕容	女	1973-12	1993-04	2023-12	正常退休	个人身份	30	2199.8	
349	4201XXXXXXXX9082	鲜于	男	1963-12	1981-10	2023-12	正常退休	湖北省武汉	42	4031.2	
350	4201XXXXXXXX0193	闾丘	女	1973-12	1992-02	2023-12	正常退休	灵活就业	31	3048.7	
351	4201XXXXXXXX1204	司徒	男	1963-12	1984-10	2023-12	正常退休	湖北省武汉	39	4327.6	
352	4201XXXXXXXX2315	司空	女	1973-12	1990-01	2023-12	正常退休	个人身份	33	3339.8	
353	4201XXXXXXXX3426	亓官	男	1963-12	1980-08	2023-12	正常退休	湖北省武汉	43	3193.2	
354	4201XXXXXXXX4537	司寇	女	1973-12	1994-10	2023-12	正常退休	灵活就业	29	2159.9	
355	4201XXXXXXXX5648	仉督	男	1963-12	1983-01	2023-12	正常退休	湖北省武汉	40	4232.1	
356	4201XXXXXXXX6759	子车	女	1973-12	1991-12	2023-12	正常退休	个人身份	32	3328.7	
357	4201XXXXXXXX7860	颛孙	男	1963-12	1982-08	2023-12	正常退休	湖北省武汉	41	4351.1	
358	4201XXXXXXXX8971	端木	女	1973-12	1993-01	2023-12	正常退休	灵活就业	30	2178.3	病退、特殊工种
359	4201XXXXXXXX9082	巫马	男	1963-12	1981-02	2023-12	正常退休	湖北省武汉	42	4053.7	
360	4201XXXXXXXX0193	公西	女	1973-12	1992-03	2023-12	正常退休	个人身份	31	3071.2	
361	4201XXXXXXXX1204	漆雕	男	1963-12	1984-01	2023-12	正常退休	湖北省武汉	39	4350.1	
362	4201XXXXXXXX2315	乐正	女	1973-12	1990-04	2023-12	正常退休	灵活就业	33	3362.3	
363	4201XXXXXXXX3426	壤驷	男	1963-12	1980-12	2023-12	正常退休	湖北省武汉	43	3170.7	
364	4201XXXXXXXX4537	公良	女	1973-12	1994-01	2023-12	正常退休	个人身份	29	2138.4	
365	4201XXXXXXXX5648	拓跋	男	1963-12	1983-10	2023-12	正常退休	湖北省武汉	40	4254.6	
366	4201XXXXXXXX6759	夹谷	女	1973-12	1991-03	2023-12	正常退休	灵活就业	32	3351.2	
367	4201XXXXXXXX7860	宰父	男	1963-12	1982-05	2023-12	正常退休	湖北省武汉	41	4373.6	
368	4201XXXXXXXX8971	谷梁	女	1973-12	1993-11	2023-12	正常退休	个人身份	30	2196.8	
369	4201XXXXXXXX9082	段干	男	1963-12	1981-09	2023-12	正常退休	湖北省武汉	42	4076.2	
370	4201XXXXXXXX0193	百里	女	1973-12	1992-06	2023-12	正常退休	灵活就业	31	3093.7	
371	4201XXXXXXXX1204	东郭	男	1963-12	1984-03	2023-12	正常退休	湖北省武汉	39	4372.6	
372	4201XXXXXXXX2315	南门	女	1973-12	1990-08	2023-12	正常退休	个人身份	33	3384.8	
373	4201XXXXXXXX3426	呼延	男	1963-12	1980-10	2023-12	正常退休	湖北省武汉	43	3148.2	
374	4201XXXXXXXX4537	归海	女	1973-12	1994-02	2023-12	正常退休	灵活就业	29	2116.9	
375	4201XXXXXXXX5648	羊舌	男	1963-12	1983-07	2023-12	正常退休	湖北省武汉	40	4277.1	
376	4201XXXXXXXX6759	微生	女	1973-12	1991-04	2023-12	正常退休	个人身份	32	3373.7	
377	4201XXXXXXXX7860	岳麓	男	1963-12	1982-12	2023-12	正常退休	湖北省武汉	41	4396.1	
378	4201XXXXXXXX8971	帅哥	女	1973-12	1993-05	2023-12	正常退休	灵活就业	30	2155.3	
379	4201XXXXXXXX9082	缑山	男	1963-12	1981-11	2023-12	正常退休	湖北省武汉	42	4098.7	
380	4201XXXXXXXX0193	亢奋	女	1973-12	1992-09	2023-12	正常退休	个人身份	31	3116.2	
381	4201XXXXXXXX1204	况且	男	1963-12	1984-06	2023-12	正常退休	湖北省武汉	39	4395.1	
382	4201XXXXXXXX2315	郈成	女	1973-12	1990-11	2023-12	正常退休	灵活就业	33	3407.3	
383	4201XXXXXXXX3426	有琴	男	1963-12	1980-07	2023-12	正常退休	湖北省武汉	43	3125.7	
384	4201XXXXXXXX4537	梁丘	女	1973-12	1994-05	2023-12	正常退休	个人身份	29	2195.4	
385	4201XXXXXXXX5648	左丘	男	1963-12	1983-02	2023-12	正常退休	湖北省武汉	40	4299.6	
386	4201XXXXXXXX6759	东门	女	1973-12	1991-07	2023-12	正常退休	灵活就业	32	3396.2	
387	4201XXXXXXXX7860	西门	男	1963-12	1982-09	2023-12	正常退休	湖北省武汉	41	4418.6	
388	4201XXXXXXXX8971	商牟	女	1973-12	1993-08	2023-12	正常退休	个人身份	30	2173.8	
389	4201XXXXXXXX9082	佘余	男	1963-12	1981-05	2023-12	正常退休	湖北省武汉	42	4121.2	
390	4201XXXXXXXX0193	佴伯	女	1973-12	1992-12	2023-12	正常退休	灵活就业	31	3138.7	
391	4201XXXXXXXX1204	赏赐	男	1963-12	1984-09	2023-12	正常退休	湖北省武汉	39	4417.6	
392	4201XXXXXXXX2315	南宫	女	1973-12	1990-05	2023-12	正常退休	个人身份	33	3429.8	
393	4201XXXXXXXX3426	墨家	男	1963-12	1980-04	2023-12	正常退休	湖北省武汉	43	3103.2	
394	4201XXXXXXXX4537	哈达	女	1973-12	1994-08	2023-12	正常退休	灵活就业	29	2173.9	病退、从下调国退
395	4201XXXXXXXX5648	谯周	男	1963-12	1983-05	2023-12	正常退休	湖北省武汉	40	4322.1	
396	4201XXXXXXXX6759	笪桥	女	1973-12	1991-10	2023-12	正常退休	个人身份	32	3418.7	
397	4201XXXXXXXX7860	年华	男	1963-12	1982-03	2023-12	正常退休	湖北省武汉	41	4441.1	
398	4201XXXXXXXX8971	爱莲	女	1973-12	1993-02	2023-12	正常退休	灵活就业	30	2192.3	
399	4201XXXXXXXX9082	阳光	男	1963-12	1981-08	2023-12	正常退休	湖北省武汉	42	4143.7	
400	4201XXXXXXXX0193	佟佳	女	1973-12	1992-04	2023-12	正常退休	个人身份	31	3161.2	
401	4201XXXXXXXX1204	第五	男	1963-12	1984-12	2023-12	正常退休	湖北省武汉	39	4440.1	
402	4201XXXXXXXX2315	言午	女	1973-12	1990-02	2023-12	正常退休	灵活就业	33	3452.3	
403	4201XXXXXXXX3426	福寿	男	1963-12	1980-01	2023-12	正常退休	湖北省武汉	43	3080.7	
404	4201XXXXXXXX4537	百家	女	1973-12	1994-11	2023-12	正常退休	个人身份	29	2152.4	
405	4201XXXXXXXX5648	姓终	男	1963-12	1983-08	2023-12	正常退休	湖北省武汉	40	4344.6	
